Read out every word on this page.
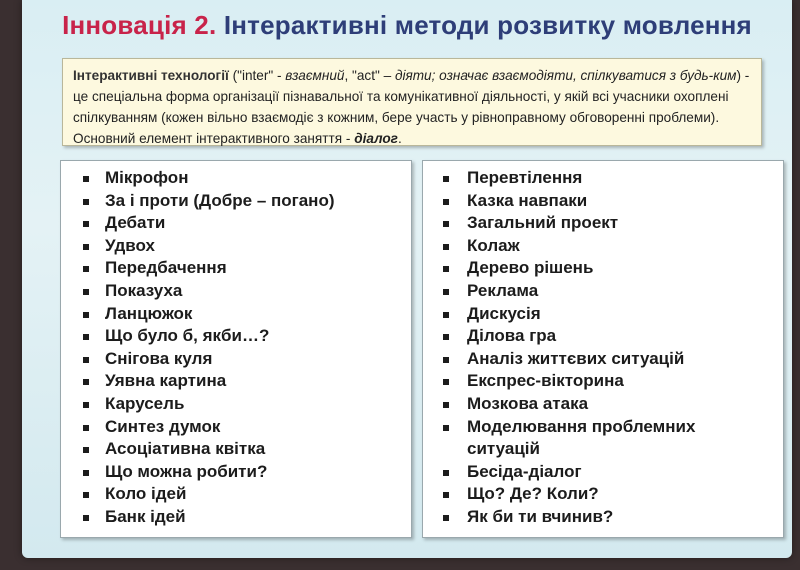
Інновація 2. Інтерактивні методи розвитку мовлення
Інтерактивні технології ("inter" - взаємний, "act" – діяти; означає взаємодіяти, спілкуватися з будь-ким) - це спеціальна форма організації пізнавальної та комунікативної діяльності, у якій всі учасники охоплені спілкуванням (кожен вільно взаємодіє з кожним, бере участь у рівноправному обговоренні проблеми). Основний елемент інтерактивного заняття - діалог.
Мікрофон
За і проти (Добре – погано)
Дебати
Удвох
Передбачення
Показуха
Ланцюжок
Що було б, якби…?
Снігова куля
Уявна картина
Карусель
Синтез думок
Асоціативна квітка
Що можна робити?
Коло ідей
Банк ідей
Перевтілення
Казка навпаки
Загальний проект
Колаж
Дерево рішень
Реклама
Дискусія
Ділова гра
Аналіз життєвих ситуацій
Експрес-вікторина
Мозкова атака
Моделювання проблемних
ситуацій
Бесіда-діалог
Що? Де? Коли?
Як би ти вчинив?
